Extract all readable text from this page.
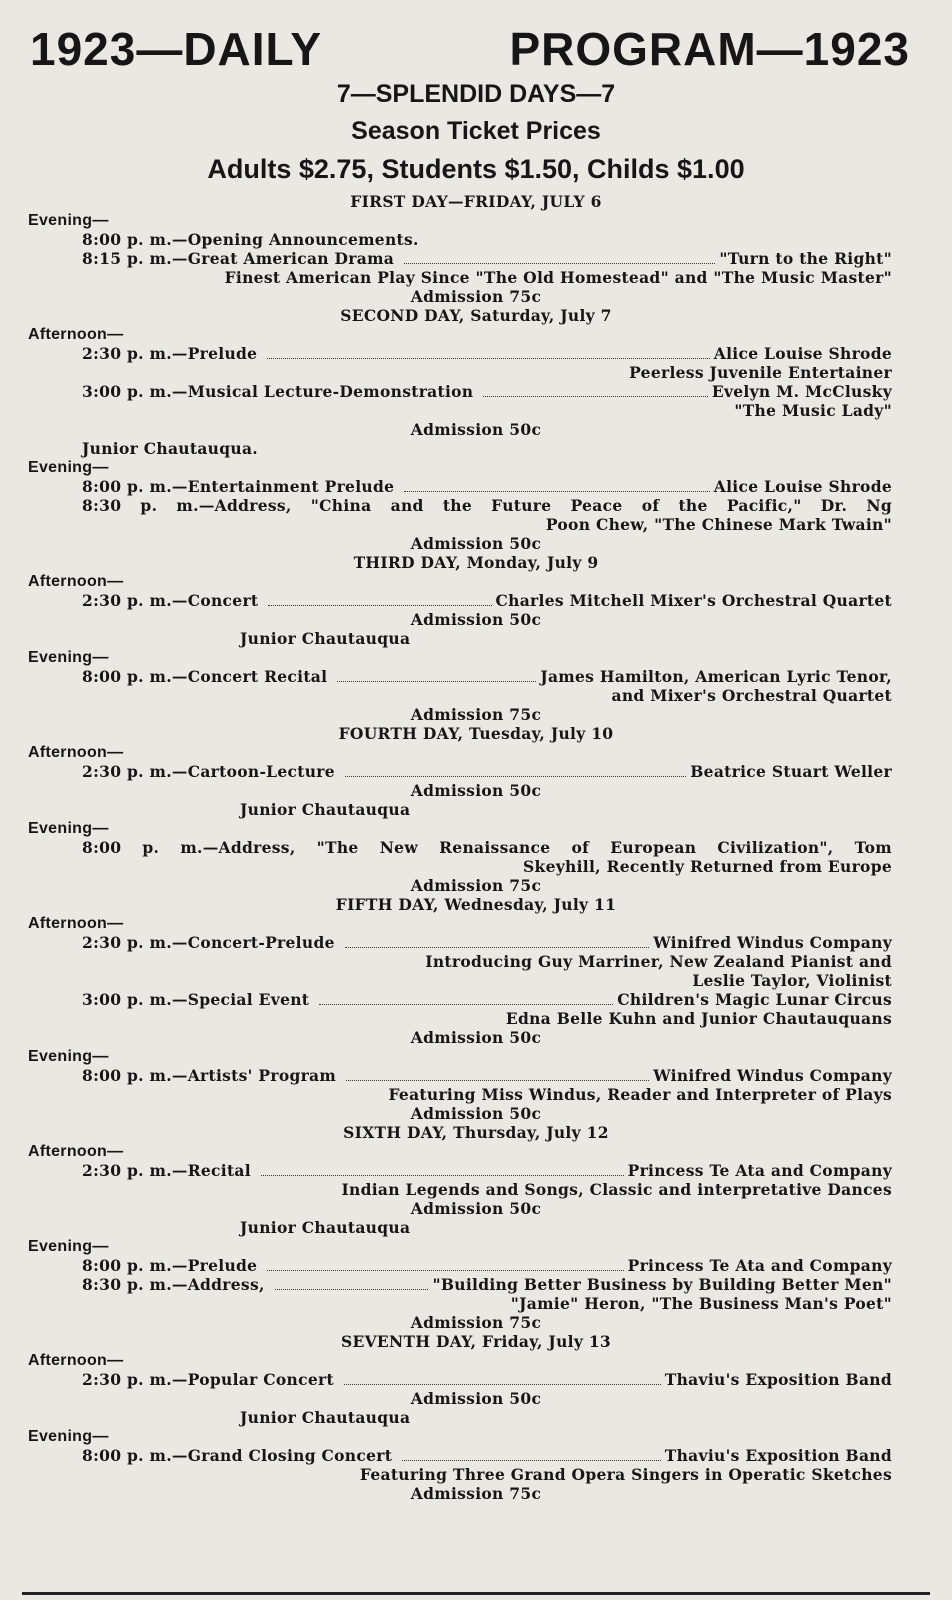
1923—DAILY	PROGRAM—1923
7—SPLENDID DAYS—7
Season Ticket Prices
Adults $2.75, Students $1.50, Childs $1.00
FIRST DAY—FRIDAY, JULY 6
Evening—
8:00 p. m.—Opening Announcements.
8:15 p. m.—Great American Drama	"Turn to the Right"
Finest American Play Since "The Old Homestead" and "The Music Master"
Admission 75c
SECOND DAY, Saturday, July 7
Afternoon—
2:30 p. m.—Prelude	Alice Louise Shrode
Peerless Juvenile Entertainer
3:00 p. m.—Musical Lecture-Demonstration	Evelyn M. McClusky
"The Music Lady"
Admission 50c
Junior Chautauqua.
Evening—
8:00 p. m.—Entertainment Prelude	Alice Louise Shrode
8:30 p. m.—Address, "China and the Future Peace of the Pacific," Dr. Ng
Poon Chew, "The Chinese Mark Twain"
Admission 50c
THIRD DAY, Monday, July 9
Afternoon—
2:30 p. m.—Concert	Charles Mitchell Mixer's Orchestral Quartet
Admission 50c
Junior Chautauqua
Evening—
8:00 p. m.—Concert Recital	James Hamilton, American Lyric Tenor,
and Mixer's Orchestral Quartet
Admission 75c
FOURTH DAY, Tuesday, July 10
Afternoon—
2:30 p. m.—Cartoon-Lecture	Beatrice Stuart Weller
Admission 50c
Junior Chautauqua
Evening—
8:00 p. m.—Address, "The New Renaissance of European Civilization", Tom
Skeyhill, Recently Returned from Europe
Admission 75c
FIFTH DAY, Wednesday, July 11
Afternoon—
2:30 p. m.—Concert-Prelude	Winifred Windus Company
Introducing Guy Marriner, New Zealand Pianist and
Leslie Taylor, Violinist
3:00 p. m.—Special Event	Children's Magic Lunar Circus
Edna Belle Kuhn and Junior Chautauquans
Admission 50c
Evening—
8:00 p. m.—Artists' Program	Winifred Windus Company
Featuring Miss Windus, Reader and Interpreter of Plays
Admission 50c
SIXTH DAY, Thursday, July 12
Afternoon—
2:30 p. m.—Recital	Princess Te Ata and Company
Indian Legends and Songs, Classic and interpretative Dances
Admission 50c
Junior Chautauqua
Evening—
8:00 p. m.—Prelude	Princess Te Ata and Company
8:30 p. m.—Address,	"Building Better Business by Building Better Men"
"Jamie" Heron, "The Business Man's Poet"
Admission 75c
SEVENTH DAY, Friday, July 13
Afternoon—
2:30 p. m.—Popular Concert	Thaviu's Exposition Band
Admission 50c
Junior Chautauqua
Evening—
8:00 p. m.—Grand Closing Concert	Thaviu's Exposition Band
Featuring Three Grand Opera Singers in Operatic Sketches
Admission 75c
